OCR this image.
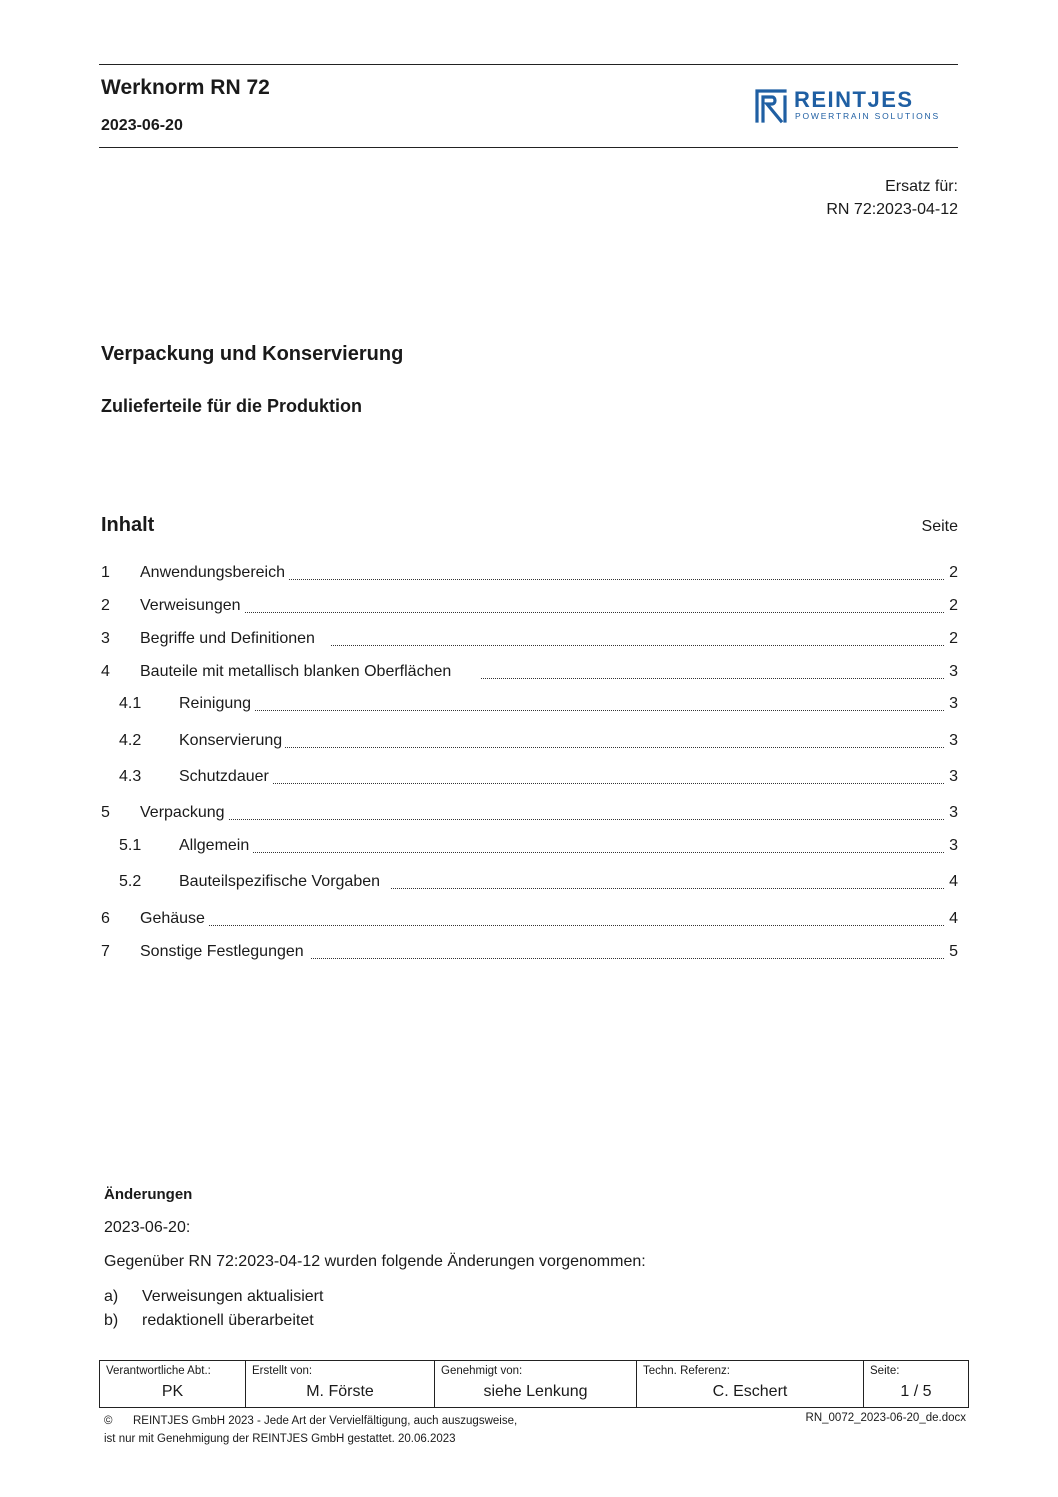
Werknorm RN 72
2023-06-20
REINTJES
POWERTRAIN SOLUTIONS
Ersatz für:
RN 72:2023-04-12
Verpackung und Konservierung
Zulieferteile für die Produktion
Inhalt	Seite
1 Anwendungsbereich	2
2 Verweisungen	2
3 Begriffe und Definitionen	2
4 Bauteile mit metallisch blanken Oberflächen	3
4.1 Reinigung	3
4.2 Konservierung	3
4.3 Schutzdauer	3
5 Verpackung	3
5.1 Allgemein	3
5.2 Bauteilspezifische Vorgaben	4
6 Gehäuse	4
7 Sonstige Festlegungen	5
Änderungen
2023-06-20:
Gegenüber RN 72:2023-04-12 wurden folgende Änderungen vorgenommen:
a) Verweisungen aktualisiert
b) redaktionell überarbeitet
Verantwortliche Abt.:
PK
Erstellt von:
M. Förste
Genehmigt von:
siehe Lenkung
Techn. Referenz:
C. Eschert
Seite:
1 / 5
© REINTJES GmbH 2023 - Jede Art der Vervielfältigung, auch auszugsweise,
ist nur mit Genehmigung der REINTJES GmbH gestattet. 20.06.2023
RN_0072_2023-06-20_de.docx
